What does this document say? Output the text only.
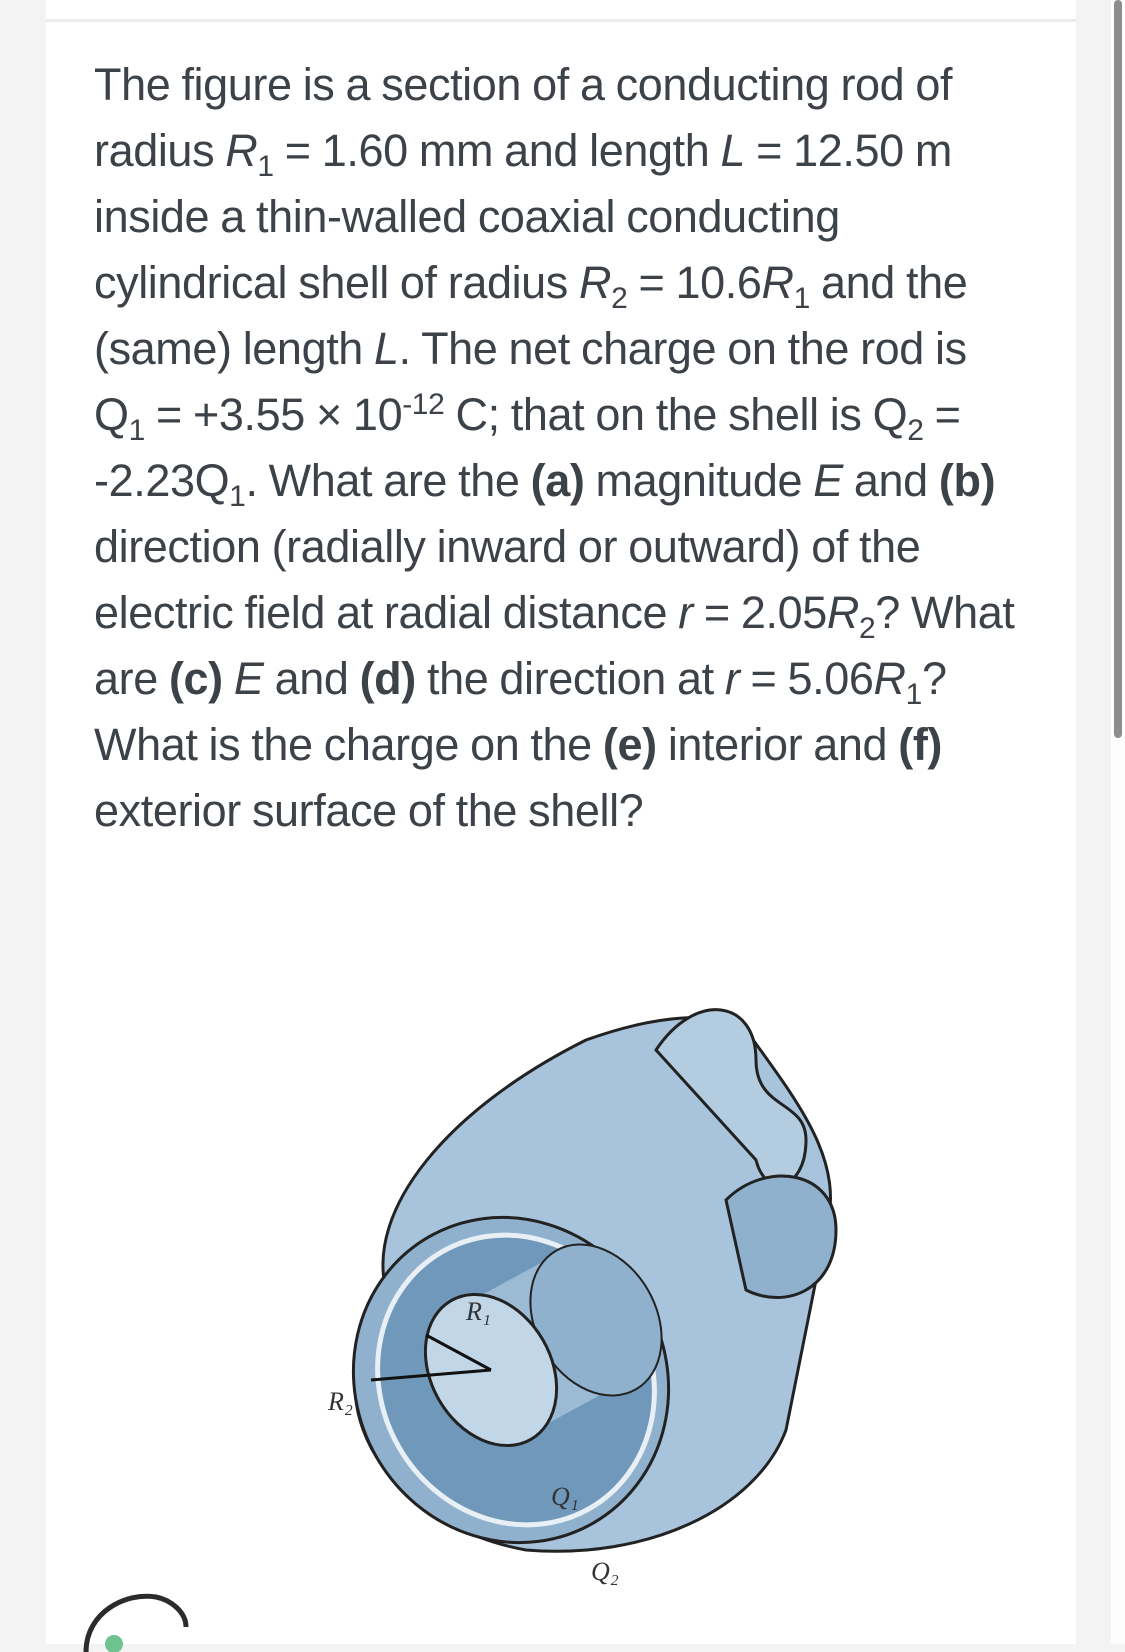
The figure is a section of a conducting rod of radius $R_1 = 1.60$ mm and length L = 12.50 m inside a thin-walled coaxial conducting cylindrical shell of radius $R_2 = 10.6R_1$ and the (same) length L. The net charge on the rod is $Q_1 = +3.55 \times 10^{-12}$ C; that on the shell is $Q_2 = -2.23Q_1$. What are the (a) magnitude E and (b) direction (radially inward or outward) of the electric field at radial distance $r = 2.05R_2$? What are (c) E and (d) the direction at $r = 5.06R_1$? What is the charge on the (e) interior and (f) exterior surface of the shell?

R₁
R₂
Q₁
Q₂
